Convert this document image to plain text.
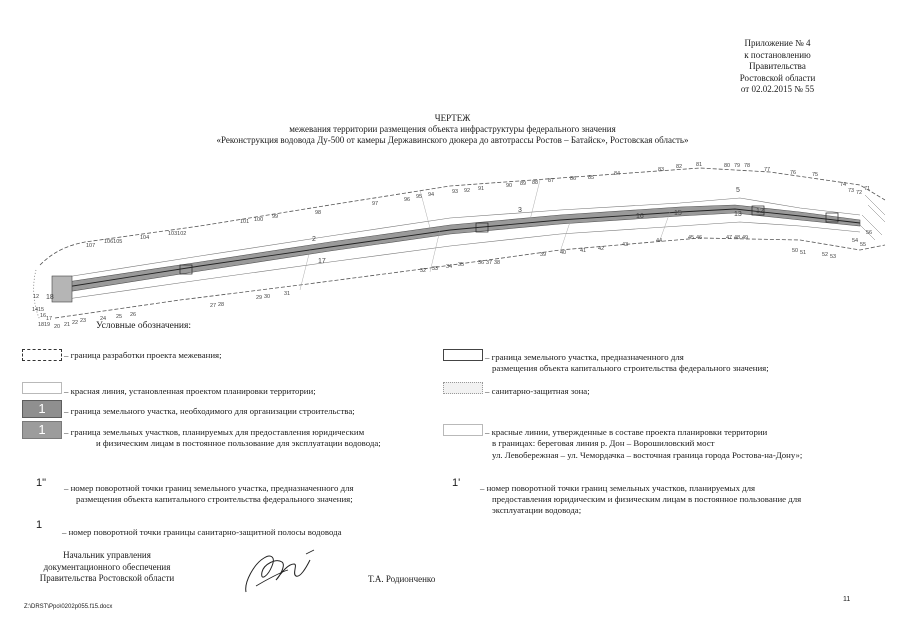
Приложение № 4
к постановлению
Правительства
Ростовской области
от 02.02.2015 № 55
ЧЕРТЕЖ
межевания территории размещения объекта инфраструктуры федерального значения
«Реконструкция водовода Ду-500 от камеры Державинского дюкера до автотрассы Ростов – Батайск», Ростовская область»
107
106105
104
103102
101 100 99
98
97
96 95 94	93 92 91	90 89 88 87	86 85
84
83 82	81	80 79 78
77	76	75
74
73 72
71
16 17
18 19 20 21 22 23	24 25 26
27 28
29 30	31
32 33 34 35	36 37 38
39	40	41 42
43
44	45 46	47 48 49
50 51	52 53
54
55
56
2
3
5
12
13
15
16
17
18
12
14 15
Условные обозначения:
– граница разработки проекта межевания;	– граница земельного участка, предназначенного для
размещения объекта капитального строительства федерального значения;
– красная линия, установленная проектом планировки территории;	– санитарно-защитная зона;
1	– граница земельного участка, необходимого для организации строительства;
1	– граница земельных участков, планируемых для предоставления юридическим
и физическим лицам в постоянное пользование для эксплуатации водовода;
– красные линии, утвержденные в составе проекта планировки территории
в границах: береговая линия р. Дон – Ворошиловский мост
ул. Левобережная – ул. Чемордачка – восточная граница города Ростова-на-Дону»;
1" – номер поворотной точки границ земельного участка, предназначенного для
размещения объекта капитального строительства федерального значения;
1' – номер поворотной точки границ земельных участков, планируемых для
предоставления юридическим и физическим лицам в постоянное пользование для
эксплуатации водовода;
1
– номер поворотной точки границы санитарно-защитной полосы водовода
Начальник управления
документационного обеспечения
Правительства Ростовской области	Т.А. Родионченко
Z:\DRST\Ppo\0202p055.f15.docx
11
